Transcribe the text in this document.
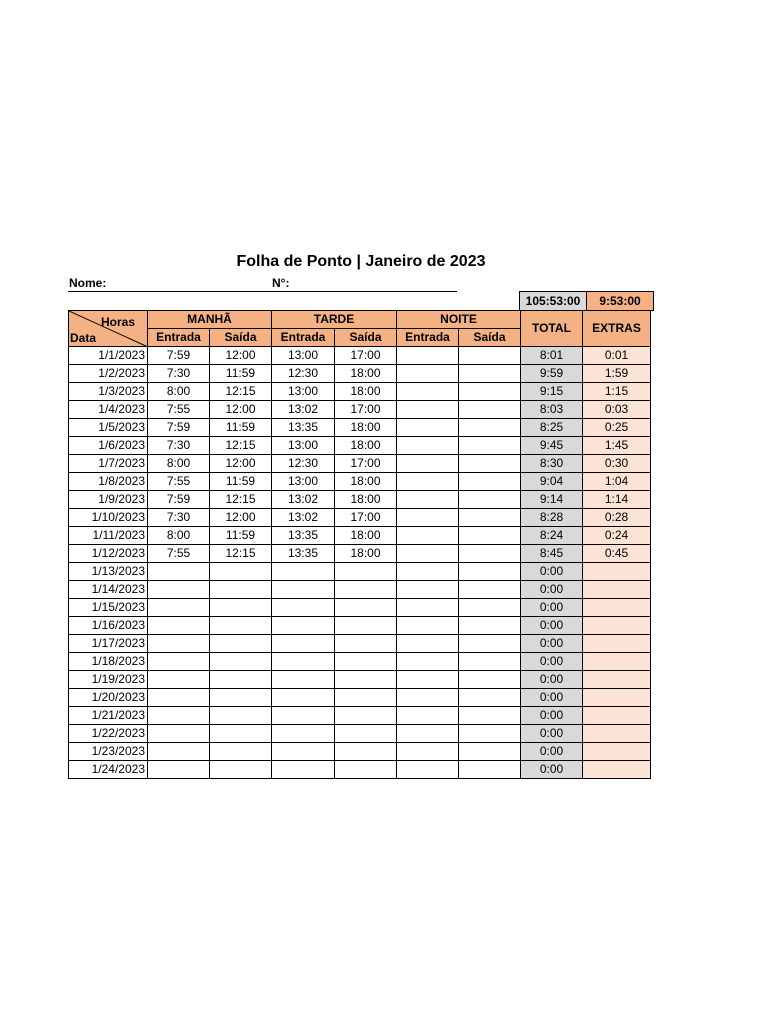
Folha de Ponto | Janeiro de 2023
Nome:	N°:
105:53:00	9:53:00
Horas
Data	MANHÃ		TARDE		NOITE		TOTAL	EXTRAS
	Entrada	Saída	Entrada	Saída	Entrada	Saída		
1/1/2023	7:59	12:00	13:00	17:00			8:01	0:01
1/2/2023	7:30	11:59	12:30	18:00			9:59	1:59
1/3/2023	8:00	12:15	13:00	18:00			9:15	1:15
1/4/2023	7:55	12:00	13:02	17:00			8:03	0:03
1/5/2023	7:59	11:59	13:35	18:00			8:25	0:25
1/6/2023	7:30	12:15	13:00	18:00			9:45	1:45
1/7/2023	8:00	12:00	12:30	17:00			8:30	0:30
1/8/2023	7:55	11:59	13:00	18:00			9:04	1:04
1/9/2023	7:59	12:15	13:02	18:00			9:14	1:14
1/10/2023	7:30	12:00	13:02	17:00			8:28	0:28
1/11/2023	8:00	11:59	13:35	18:00			8:24	0:24
1/12/2023	7:55	12:15	13:35	18:00			8:45	0:45
1/13/2023							0:00	
1/14/2023							0:00	
1/15/2023							0:00	
1/16/2023							0:00	
1/17/2023							0:00	
1/18/2023							0:00	
1/19/2023							0:00	
1/20/2023							0:00	
1/21/2023							0:00	
1/22/2023							0:00	
1/23/2023							0:00	
1/24/2023							0:00	
